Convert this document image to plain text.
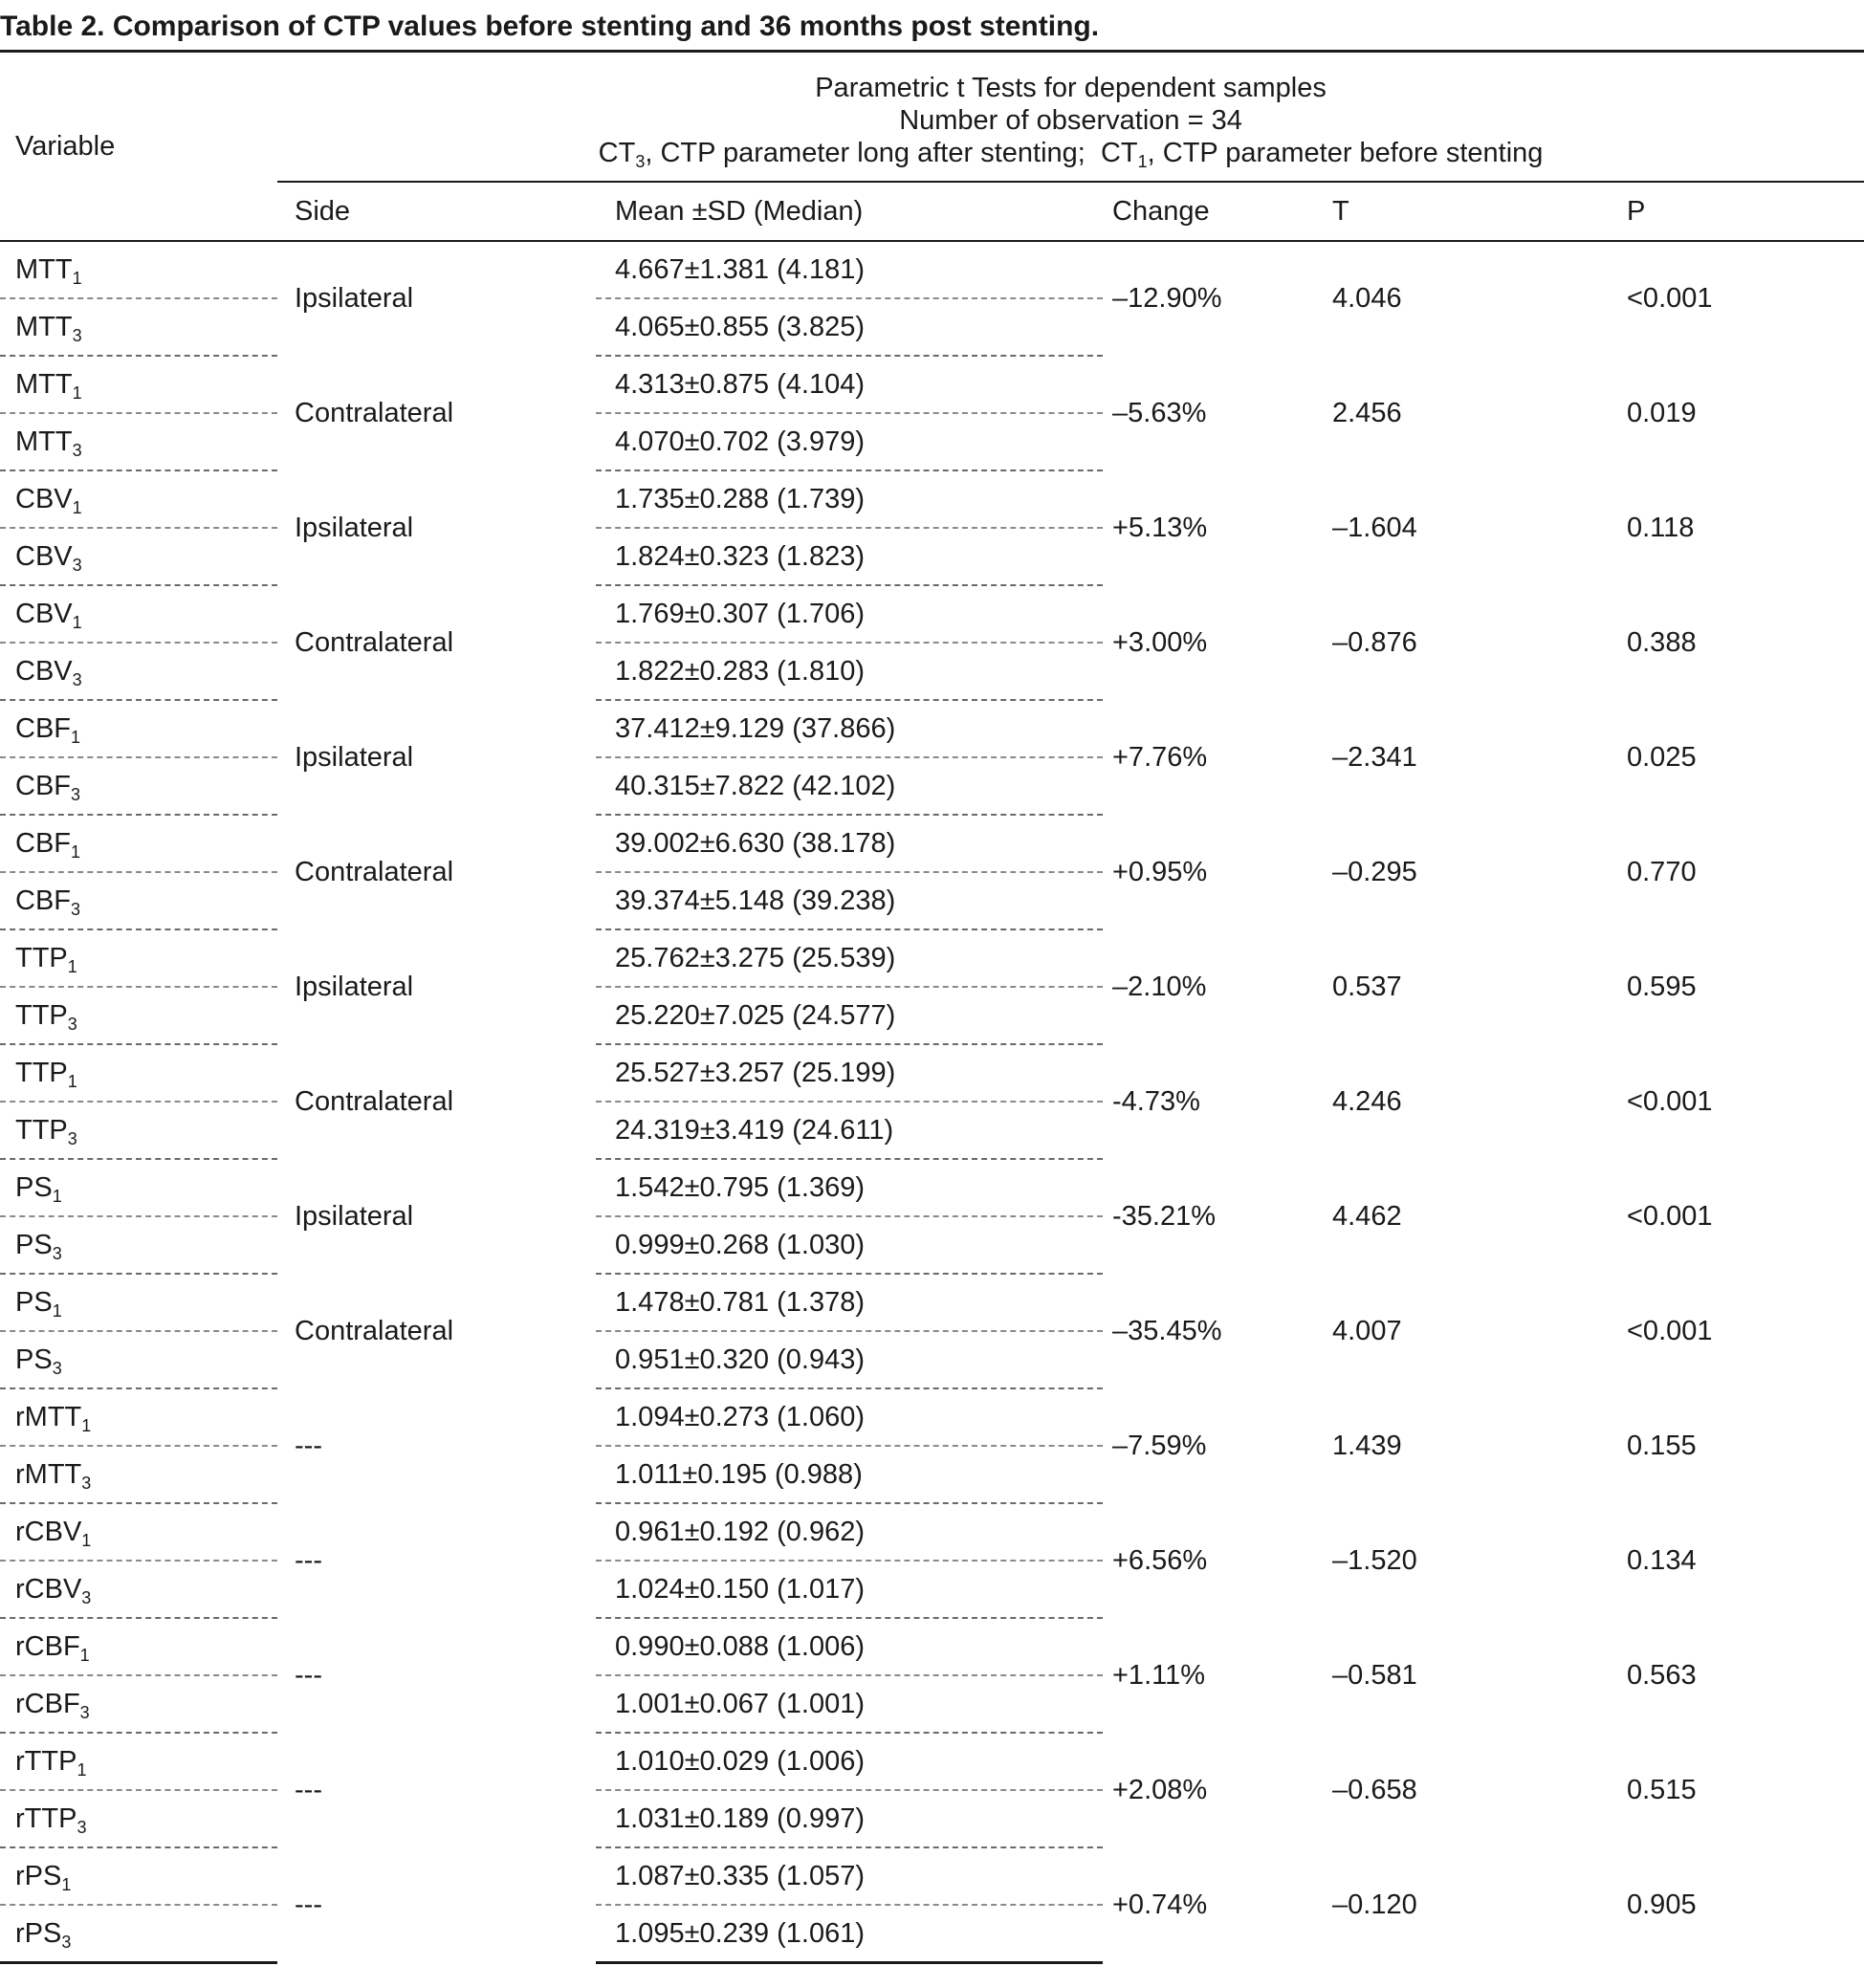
Table 2. Comparison of CTP values before stenting and 36 months post stenting.
Variable	Parametric t Tests for dependent samples
Number of observation = 34
$CT_3$, CTP parameter long after stenting; $CT_1$, CTP parameter before stenting				

	Side	Mean ±SD (Median)	Change	T	P
$MTT_1$	Ipsilateral	4.667±1.381 (4.181)	–12.90%	4.046	<0.001
$MTT_3$		4.065±0.855 (3.825)			
$MTT_1$	Contralateral	4.313±0.875 (4.104)	–5.63%	2.456	0.019
$MTT_3$		4.070±0.702 (3.979)			
$CBV_1$	Ipsilateral	1.735±0.288 (1.739)	+5.13%	–1.604	0.118
$CBV_3$		1.824±0.323 (1.823)			
$CBV_1$	Contralateral	1.769±0.307 (1.706)	+3.00%	–0.876	0.388
$CBV_3$		1.822±0.283 (1.810)			
$CBF_1$	Ipsilateral	37.412±9.129 (37.866)	+7.76%	–2.341	0.025
$CBF_3$		40.315±7.822 (42.102)			
$CBF_1$	Contralateral	39.002±6.630 (38.178)	+0.95%	–0.295	0.770
$CBF_3$		39.374±5.148 (39.238)			
$TTP_1$	Ipsilateral	25.762±3.275 (25.539)	–2.10%	0.537	0.595
$TTP_3$		25.220±7.025 (24.577)			
$TTP_1$	Contralateral	25.527±3.257 (25.199)	-4.73%	4.246	<0.001
$TTP_3$		24.319±3.419 (24.611)			
$PS_1$	Ipsilateral	1.542±0.795 (1.369)	-35.21%	4.462	<0.001
$PS_3$		0.999±0.268 (1.030)			
$PS_1$	Contralateral	1.478±0.781 (1.378)	–35.45%	4.007	<0.001
$PS_3$		0.951±0.320 (0.943)			
rMTT$_1$	---	1.094±0.273 (1.060)	–7.59%	1.439	0.155
rMTT$_3$		1.011±0.195 (0.988)			
rCBV$_1$	---	0.961±0.192 (0.962)	+6.56%	–1.520	0.134
rCBV$_3$		1.024±0.150 (1.017)			
rCBF$_1$	---	0.990±0.088 (1.006)	+1.11%	–0.581	0.563
rCBF$_3$		1.001±0.067 (1.001)			
rTTP$_1$	---	1.010±0.029 (1.006)	+2.08%	–0.658	0.515
rTTP$_3$		1.031±0.189 (0.997)			
rPS$_1$	---	1.087±0.335 (1.057)	+0.74%	–0.120	0.905
rPS$_3$		1.095±0.239 (1.061)			
